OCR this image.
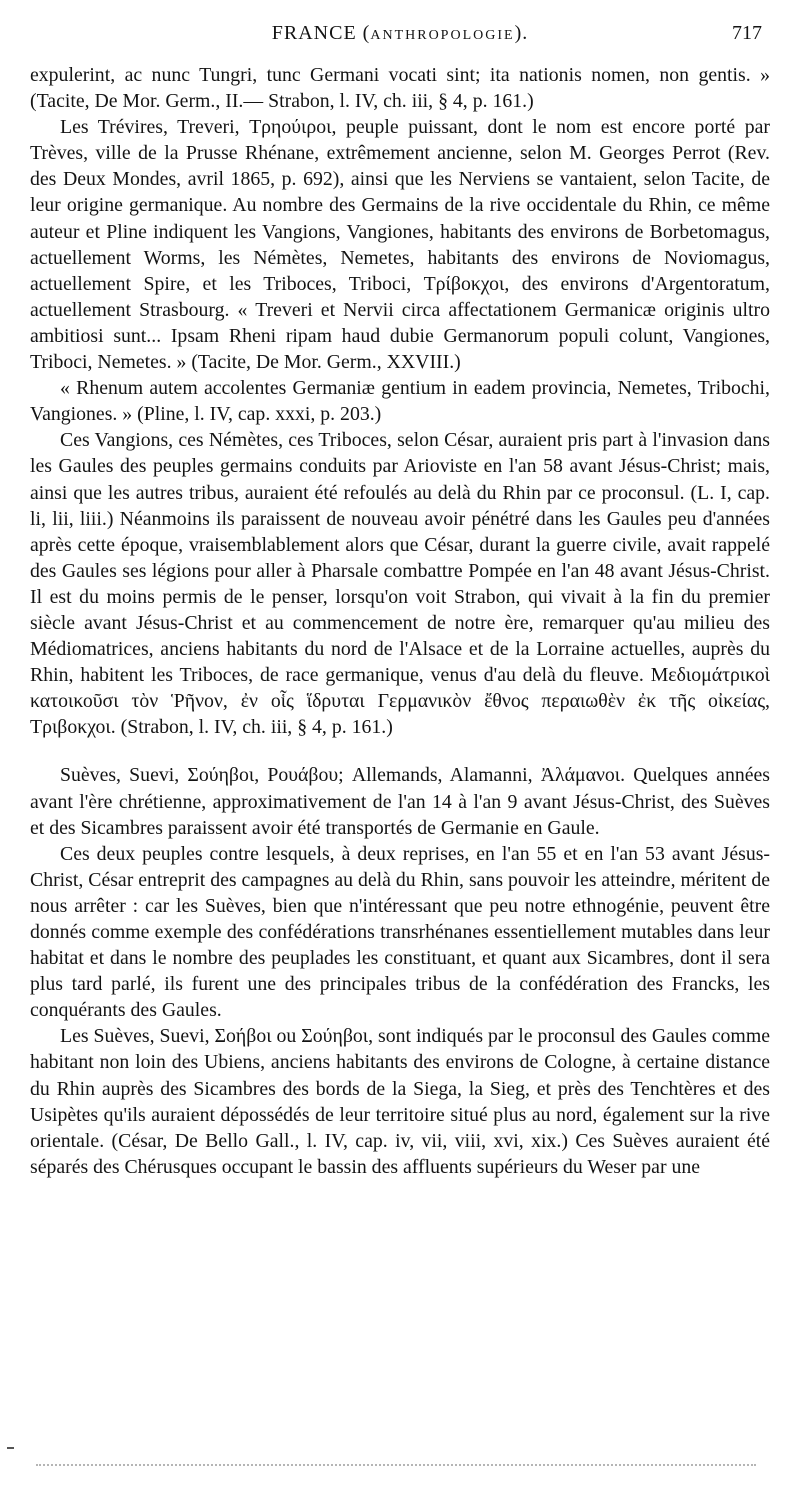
FRANCE (ANTHROPOLOGIE).	717

expulerint, ac nunc Tungri, tunc Germani vocati sint; ita nationis nomen, non gentis. » (Tacite, De Mor. Germ., II.— Strabon, l. IV, ch. iii, § 4, p. 161.)

Les Trévires, Treveri, Τρηούιροι, peuple puissant, dont le nom est encore porté par Trèves, ville de la Prusse Rhénane, extrêmement ancienne, selon M. Georges Perrot (Rev. des Deux Mondes, avril 1865, p. 692), ainsi que les Nerviens se vantaient, selon Tacite, de leur origine germanique. Au nombre des Germains de la rive occidentale du Rhin, ce même auteur et Pline indiquent les Vangions, Vangiones, habitants des environs de Borbetomagus, actuellement Worms, les Némètes, Nemetes, habitants des environs de Noviomagus, actuellement Spire, et les Triboces, Triboci, Τρίβοκχοι, des environs d'Argentoratum, actuellement Strasbourg. « Treveri et Nervii circa affectationem Germanicæ originis ultro ambitiosi sunt... Ipsam Rheni ripam haud dubie Germanorum populi colunt, Vangiones, Triboci, Nemetes. » (Tacite, De Mor. Germ., XXVIII.)

« Rhenum autem accolentes Germaniæ gentium in eadem provincia, Nemetes, Tribochi, Vangiones. » (Pline, l. IV, cap. xxxi, p. 203.)

Ces Vangions, ces Némètes, ces Triboces, selon César, auraient pris part à l'invasion dans les Gaules des peuples germains conduits par Arioviste en l'an 58 avant Jésus-Christ; mais, ainsi que les autres tribus, auraient été refoulés au delà du Rhin par ce proconsul. (L. I, cap. li, lii, liii.) Néanmoins ils paraissent de nouveau avoir pénétré dans les Gaules peu d'années après cette époque, vraisemblablement alors que César, durant la guerre civile, avait rappelé des Gaules ses légions pour aller à Pharsale combattre Pompée en l'an 48 avant Jésus-Christ. Il est du moins permis de le penser, lorsqu'on voit Strabon, qui vivait à la fin du premier siècle avant Jésus-Christ et au commencement de notre ère, remarquer qu'au milieu des Médiomatrices, anciens habitants du nord de l'Alsace et de la Lorraine actuelles, auprès du Rhin, habitent les Triboces, de race germanique, venus d'au delà du fleuve. Μεδιομάτρικοὶ κατοικοῦσι τὸν Ῥῆνον, ἐν οἷς ἵδρυται Γερμανικὸν ἔθνος περαιωθὲν ἐκ τῆς οἰκείας, Τριβοκχοι. (Strabon, l. IV, ch. iii, § 4, p. 161.)

Suèves, Suevi, Σούηβοι, Ρουάβου; Allemands, Alamanni, Ἀλάμανοι. Quelques années avant l'ère chrétienne, approximativement de l'an 14 à l'an 9 avant Jésus-Christ, des Suèves et des Sicambres paraissent avoir été transportés de Germanie en Gaule.

Ces deux peuples contre lesquels, à deux reprises, en l'an 55 et en l'an 53 avant Jésus-Christ, César entreprit des campagnes au delà du Rhin, sans pouvoir les atteindre, méritent de nous arrêter : car les Suèves, bien que n'intéressant que peu notre ethnogénie, peuvent être donnés comme exemple des confédérations transrhénanes essentiellement mutables dans leur habitat et dans le nombre des peuplades les constituant, et quant aux Sicambres, dont il sera plus tard parlé, ils furent une des principales tribus de la confédération des Francks, les conquérants des Gaules.

Les Suèves, Suevi, Σοήβοι ou Σούηβοι, sont indiqués par le proconsul des Gaules comme habitant non loin des Ubiens, anciens habitants des environs de Cologne, à certaine distance du Rhin auprès des Sicambres des bords de la Siega, la Sieg, et près des Tenchtères et des Usipètes qu'ils auraient dépossédés de leur territoire situé plus au nord, également sur la rive orientale. (César, De Bello Gall., l. IV, cap. iv, vii, viii, xvi, xix.) Ces Suèves auraient été séparés des Chérusques occupant le bassin des affluents supérieurs du Weser par une
